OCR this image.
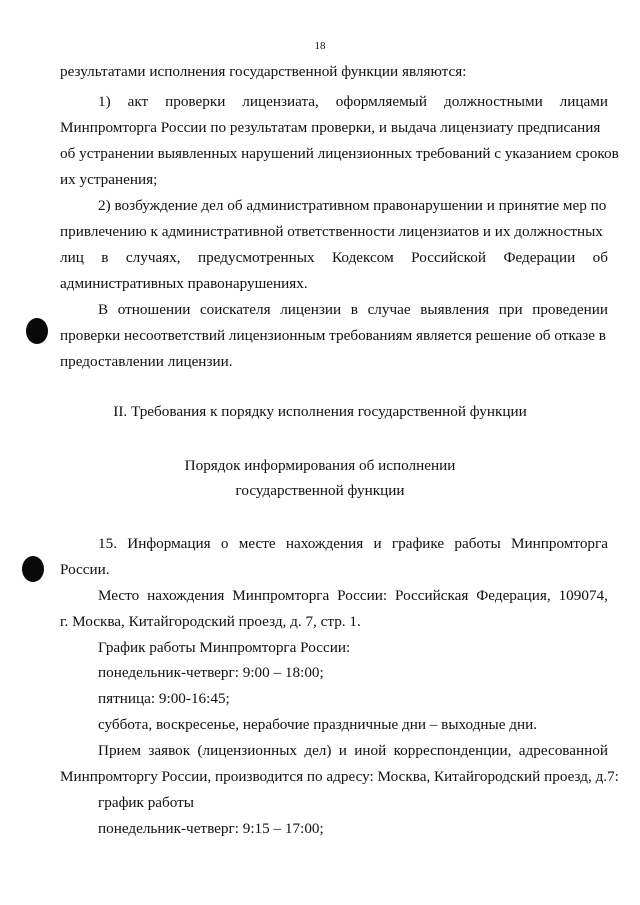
18
результатами исполнения государственной функции являются:
1) акт проверки лицензиата, оформляемый должностными лицами
Минпромторга России по результатам проверки, и выдача лицензиату предписания
об устранении выявленных нарушений лицензионных требований с указанием сроков
их устранения;
2) возбуждение дел об административном правонарушении и принятие мер по
привлечению к административной ответственности лицензиатов и их должностных
лиц в случаях, предусмотренных Кодексом Российской Федерации об
административных правонарушениях.
В отношении соискателя лицензии в случае выявления при проведении
проверки несоответствий лицензионным требованиям является решение об отказе в
предоставлении лицензии.
II. Требования к порядку исполнения государственной функции
Порядок информирования об исполнении
государственной функции
15. Информация о месте нахождения и графике работы Минпромторга
России.
Место нахождения Минпромторга России: Российская Федерация, 109074,
г. Москва, Китайгородский проезд, д. 7, стр. 1.
График работы Минпромторга России:
понедельник-четверг: 9:00 – 18:00;
пятница: 9:00-16:45;
суббота, воскресенье, нерабочие праздничные дни – выходные дни.
Прием заявок (лицензионных дел) и иной корреспонденции, адресованной
Минпромторгу России, производится по адресу: Москва, Китайгородский проезд, д.7:
график работы
понедельник-четверг: 9:15 – 17:00;
